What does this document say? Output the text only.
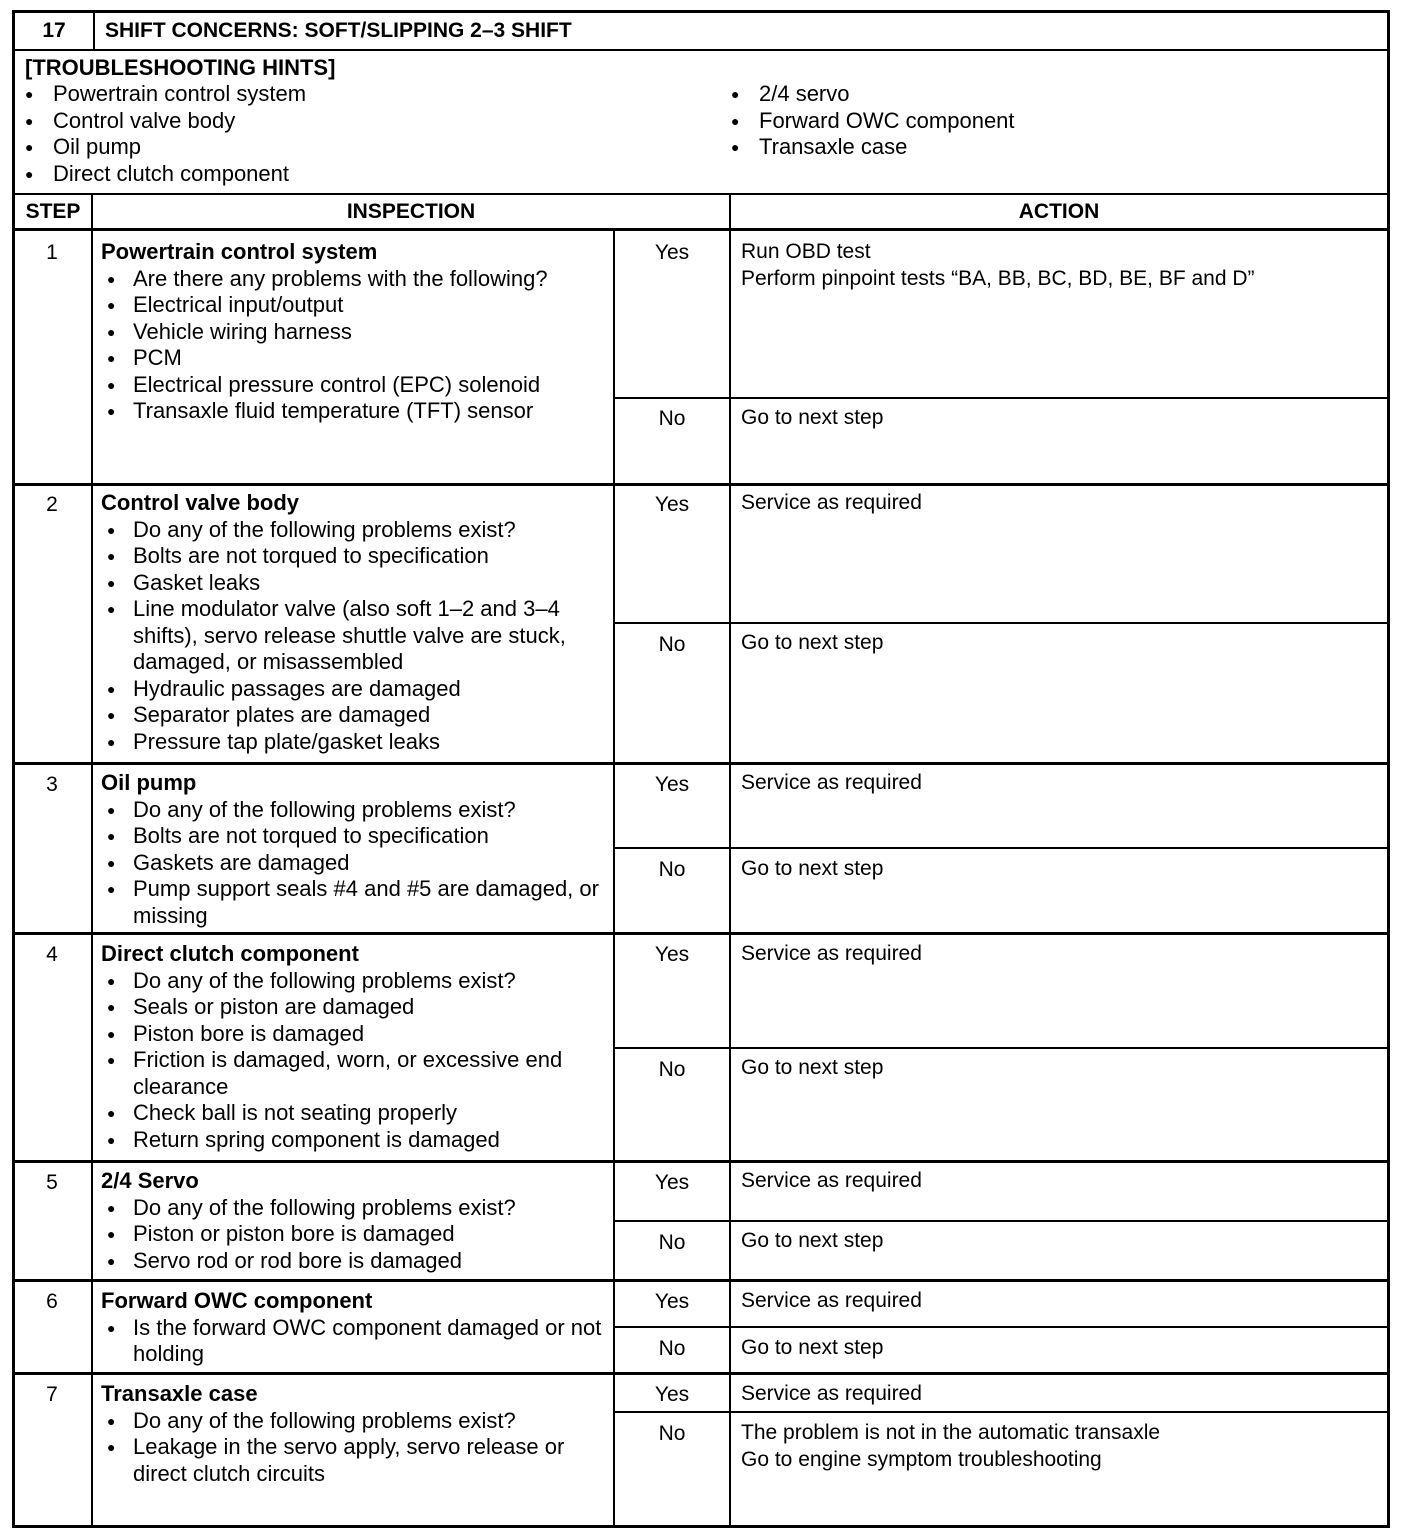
17	SHIFT CONCERNS: SOFT/SLIPPING 2–3 SHIFT
[TROUBLESHOOTING HINTS]
● Powertrain control system
● Control valve body
● Oil pump
● Direct clutch component
● 2/4 servo
● Forward OWC component
● Transaxle case
STEP	INSPECTION	ACTION
1	Powertrain control system
● Are there any problems with the following?
● Electrical input/output
● Vehicle wiring harness
● PCM
● Electrical pressure control (EPC) solenoid
● Transaxle fluid temperature (TFT) sensor
Yes	Run OBD test
Perform pinpoint tests “BA, BB, BC, BD, BE, BF and D”
No	Go to next step
2	Control valve body
● Do any of the following problems exist?
● Bolts are not torqued to specification
● Gasket leaks
● Line modulator valve (also soft 1–2 and 3–4 shifts), servo release shuttle valve are stuck, damaged, or misassembled
● Hydraulic passages are damaged
● Separator plates are damaged
● Pressure tap plate/gasket leaks
Yes	Service as required
No	Go to next step
3	Oil pump
● Do any of the following problems exist?
● Bolts are not torqued to specification
● Gaskets are damaged
● Pump support seals #4 and #5 are damaged, or missing
Yes	Service as required
No	Go to next step
4	Direct clutch component
● Do any of the following problems exist?
● Seals or piston are damaged
● Piston bore is damaged
● Friction is damaged, worn, or excessive end clearance
● Check ball is not seating properly
● Return spring component is damaged
Yes	Service as required
No	Go to next step
5	2/4 Servo
● Do any of the following problems exist?
● Piston or piston bore is damaged
● Servo rod or rod bore is damaged
Yes	Service as required
No	Go to next step
6	Forward OWC component
● Is the forward OWC component damaged or not holding
Yes	Service as required
No	Go to next step
7	Transaxle case
● Do any of the following problems exist?
● Leakage in the servo apply, servo release or direct clutch circuits
Yes	Service as required
No	The problem is not in the automatic transaxle
Go to engine symptom troubleshooting
